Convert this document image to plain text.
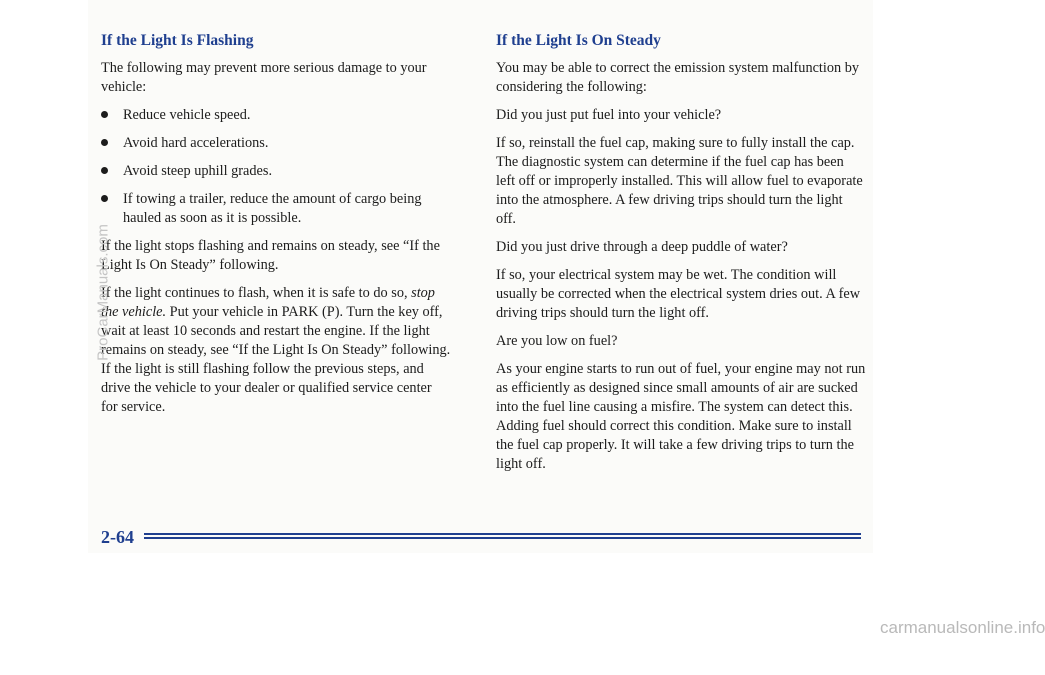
If the Light Is Flashing

The following may prevent more serious damage to your vehicle:

Reduce vehicle speed.
Avoid hard accelerations.
Avoid steep uphill grades.
If towing a trailer, reduce the amount of cargo being hauled as soon as it is possible.

If the light stops flashing and remains on steady, see “If the Light Is On Steady” following.

If the light continues to flash, when it is safe to do so, stop the vehicle. Put your vehicle in PARK (P). Turn the key off, wait at least 10 seconds and restart the engine. If the light remains on steady, see “If the Light Is On Steady” following. If the light is still flashing follow the previous steps, and drive the vehicle to your dealer or qualified service center for service.

If the Light Is On Steady

You may be able to correct the emission system malfunction by considering the following:

Did you just put fuel into your vehicle?

If so, reinstall the fuel cap, making sure to fully install the cap. The diagnostic system can determine if the fuel cap has been left off or improperly installed. This will allow fuel to evaporate into the atmosphere. A few driving trips should turn the light off.

Did you just drive through a deep puddle of water?

If so, your electrical system may be wet. The condition will usually be corrected when the electrical system dries out. A few driving trips should turn the light off.

Are you low on fuel?

As your engine starts to run out of fuel, your engine may not run as efficiently as designed since small amounts of air are sucked into the fuel line causing a misfire. The system can detect this. Adding fuel should correct this condition. Make sure to install the fuel cap properly. It will take a few driving trips to turn the light off.

2-64
ProCarManuals.com
carmanualsonline.info
